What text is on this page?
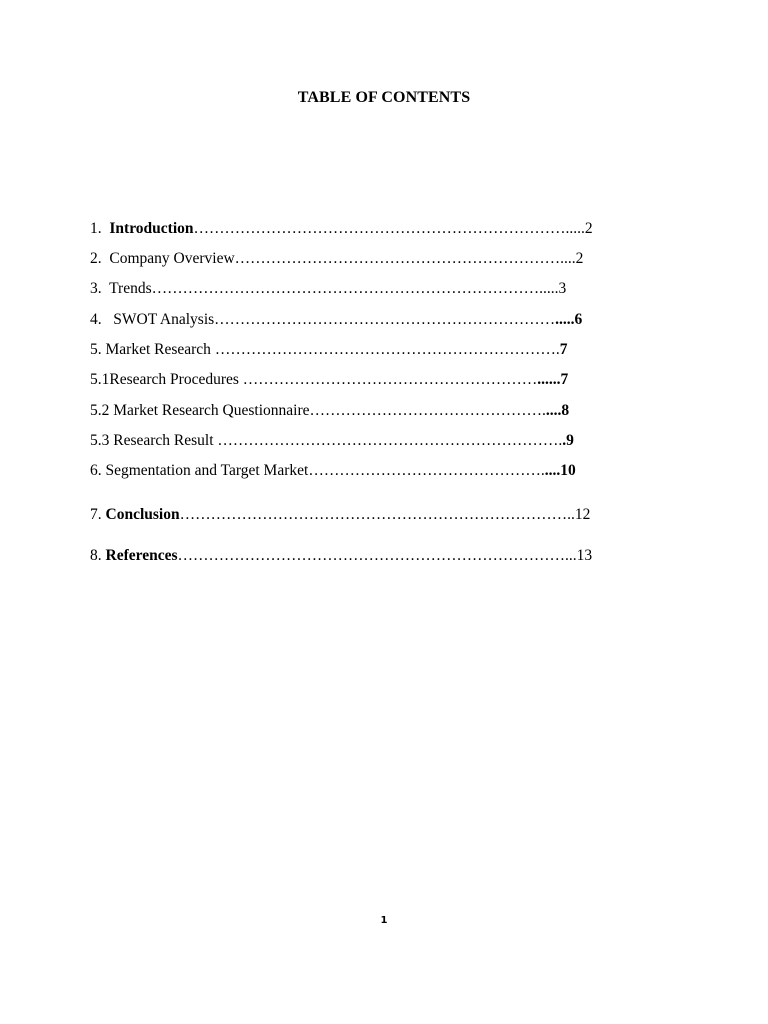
TABLE OF CONTENTS
1.  Introduction……………………………………………………………….....2
2.  Company Overview………………………………………………………....2
3.  Trends………………………………………………………………….....3
4.   SWOT Analysis………………………………………………………….....6
5. Market Research ………………………………………………………….7
5.1Research Procedures …………………………………………………......7
5.2 Market Research Questionnaire……………………………………….....8
5.3 Research Result …………………………………………………………..9
6. Segmentation and Target Market……………………………………….....10
7. Conclusion…………………………………………………………………..12
8. References…………………………………………………………………...13
1
